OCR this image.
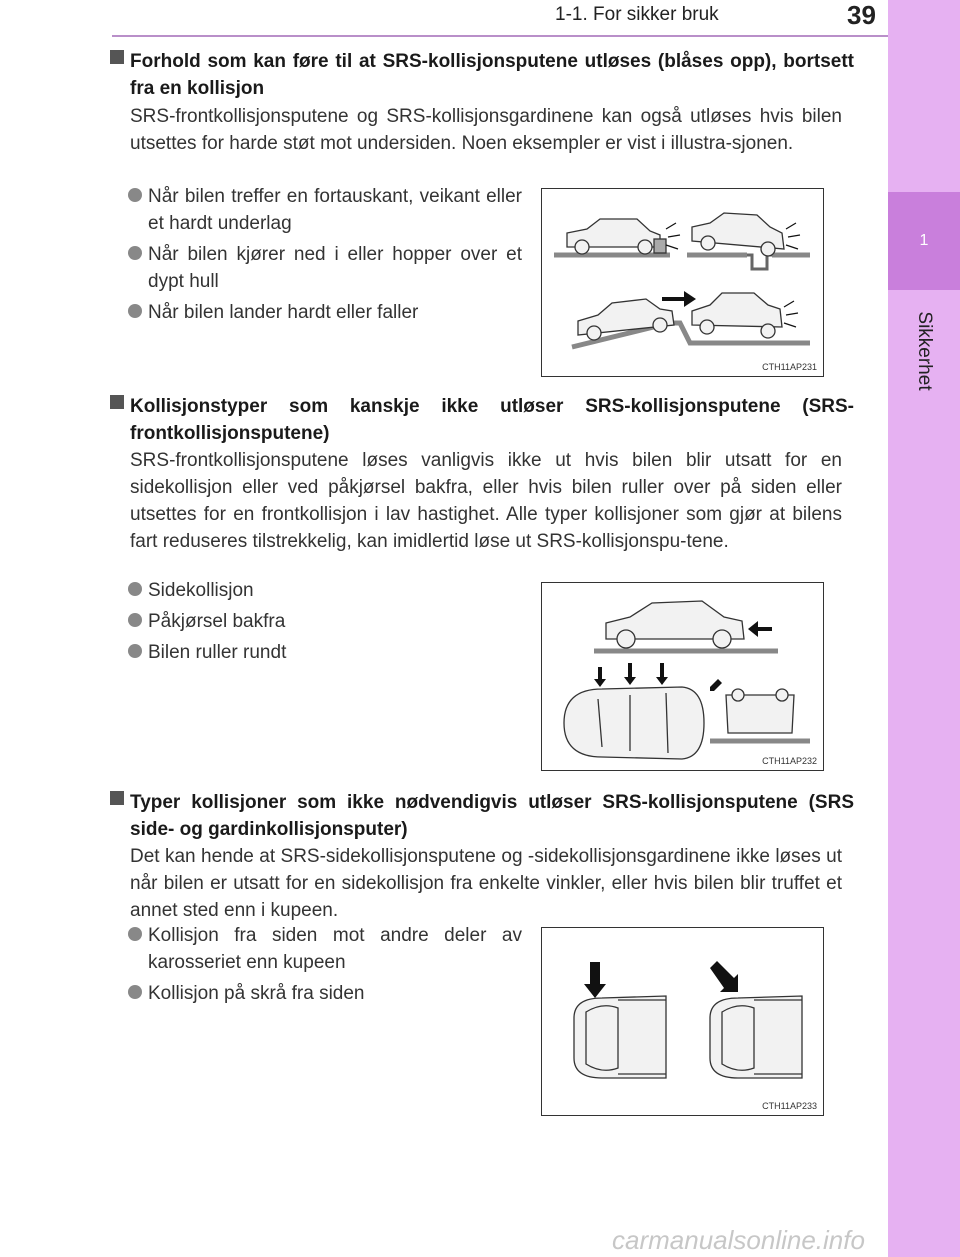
1-1. For sikker bruk	39
1
Sikkerhet
Forhold som kan føre til at SRS-kollisjonsputene utløses (blåses opp), bortsett fra en kollisjon
SRS-frontkollisjonsputene og SRS-kollisjonsgardinene kan også utløses hvis bilen utsettes for harde støt mot undersiden. Noen eksempler er vist i illustra-sjonen.
Når bilen treffer en fortauskant, veikant eller et hardt underlag
Når bilen kjører ned i eller hopper over et dypt hull
Når bilen lander hardt eller faller
CTH11AP231
Kollisjonstyper som kanskje ikke utløser SRS-kollisjonsputene (SRS-frontkollisjonsputene)
SRS-frontkollisjonsputene løses vanligvis ikke ut hvis bilen blir utsatt for en sidekollisjon eller ved påkjørsel bakfra, eller hvis bilen ruller over på siden eller utsettes for en frontkollisjon i lav hastighet. Alle typer kollisjoner som gjør at bilens fart reduseres tilstrekkelig, kan imidlertid løse ut SRS-kollisjonspu-tene.
Sidekollisjon
Påkjørsel bakfra
Bilen ruller rundt
CTH11AP232
Typer kollisjoner som ikke nødvendigvis utløser SRS-kollisjonsputene (SRS side- og gardinkollisjonsputer)
Det kan hende at SRS-sidekollisjonsputene og -sidekollisjonsgardinene ikke løses ut når bilen er utsatt for en sidekollisjon fra enkelte vinkler, eller hvis bilen blir truffet et annet sted enn i kupeen.
Kollisjon fra siden mot andre deler av karosseriet enn kupeen
Kollisjon på skrå fra siden
CTH11AP233
carmanualsonline.info
